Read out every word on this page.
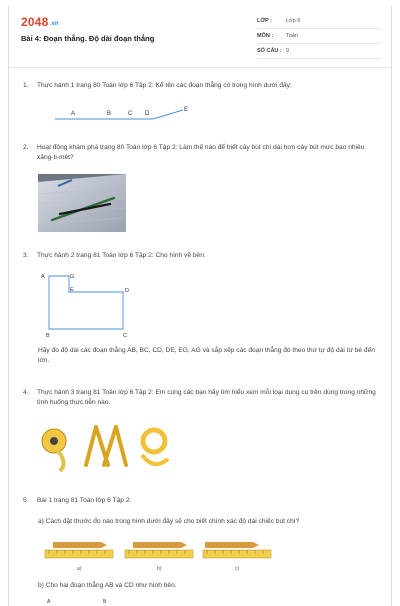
2048.vn
Bài 4: Đoạn thẳng. Độ dài đoạn thẳng
LỚP :	Lớp 6
MÔN :	Toán
SỐ CÂU : 9
1. Thực hành 1 trang 80 Toán lớp 6 Tập 2: Kể tên các đoạn thẳng có trong hình dưới đây:
A	B	C D
E
2. Hoạt động khám phá trang 80 Toán lớp 6 Tập 2: Làm thế nào để biết cây bút chì dài hơn cây bút mực bao nhiêu xăng-ti-mét?
3. Thực hành 2 trang 81 Toán lớp 6 Tập 2: Cho hình vẽ bên:
A	G
E	D
B	C
Hãy đo độ dài các đoạn thẳng AB, BC, CD, DE, EG, AG và sắp xếp các đoạn thẳng đó theo thứ tự độ dài từ bé đến lớn.
4. Thực hành 3 trang 81 Toán lớp 6 Tập 2: Em cùng các bạn hãy tìm hiểu xem mỗi loại dụng cụ trên dùng trong những tình huống thực tiễn nào.
5. Bài 1 trang 81 Toán lớp 6 Tập 2:
a) Cách đặt thước đo nào trong hình dưới đây sẽ cho biết chính xác độ dài chiếc bút chì?
a)	b)	c)
b) Cho hai đoạn thẳng AB và CD như hình bên.
A	B
